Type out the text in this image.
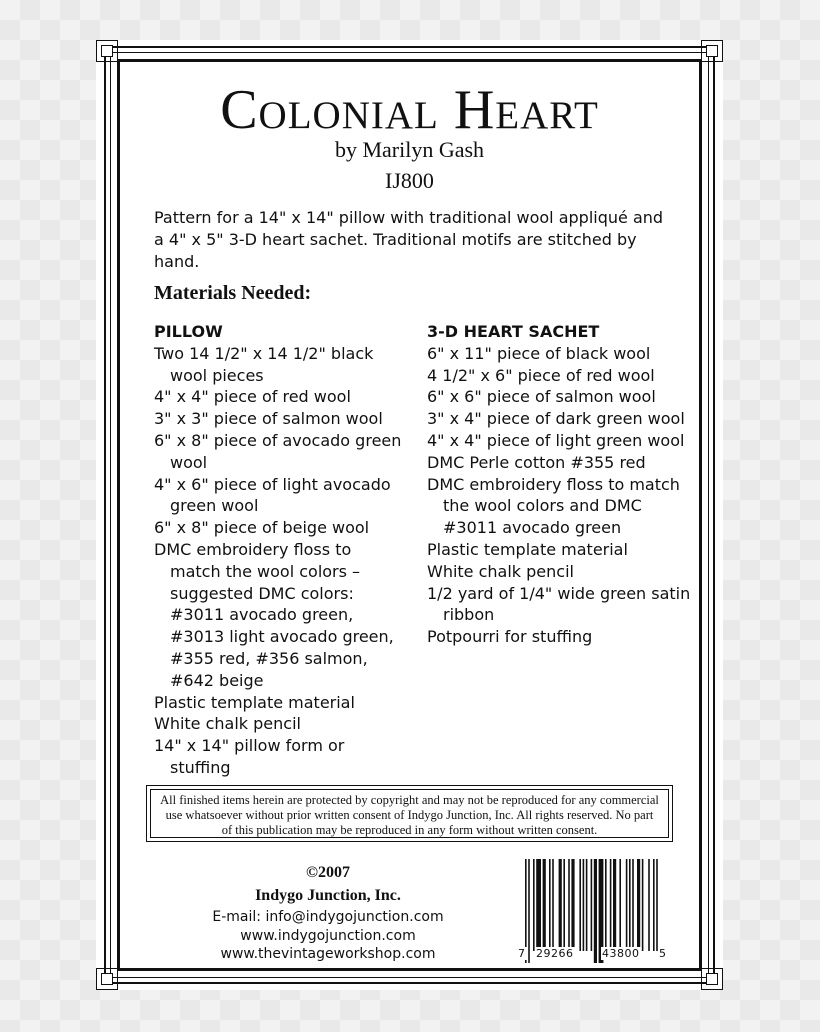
Colonial Heart
by Marilyn Gash
IJ800
Pattern for a 14" x 14" pillow with traditional wool appliqué and a 4" x 5" 3-D heart sachet. Traditional motifs are stitched by hand.
Materials Needed:
PILLOW
Two 14 1/2" x 14 1/2" black wool pieces
4" x 4" piece of red wool
3" x 3" piece of salmon wool
6" x 8" piece of avocado green wool
4" x 6" piece of light avocado green wool
6" x 8" piece of beige wool
DMC embroidery floss to match the wool colors – suggested DMC colors: #3011 avocado green, #3013 light avocado green, #355 red, #356 salmon, #642 beige
Plastic template material
White chalk pencil
14" x 14" pillow form or stuffing
3-D HEART SACHET
6" x 11" piece of black wool
4 1/2" x 6" piece of red wool
6" x 6" piece of salmon wool
3" x 4" piece of dark green wool
4" x 4" piece of light green wool
DMC Perle cotton #355 red
DMC embroidery floss to match the wool colors and DMC #3011 avocado green
Plastic template material
White chalk pencil
1/2 yard of 1/4" wide green satin ribbon
Potpourri for stuffing
All finished items herein are protected by copyright and may not be reproduced for any commercial use whatsoever without prior written consent of Indygo Junction, Inc. All rights reserved. No part of this publication may be reproduced in any form without written consent.
©2007
Indygo Junction, Inc.
E-mail: info@indygojunction.com
www.indygojunction.com
www.thevintageworkshop.com	7 29266	43800 5
